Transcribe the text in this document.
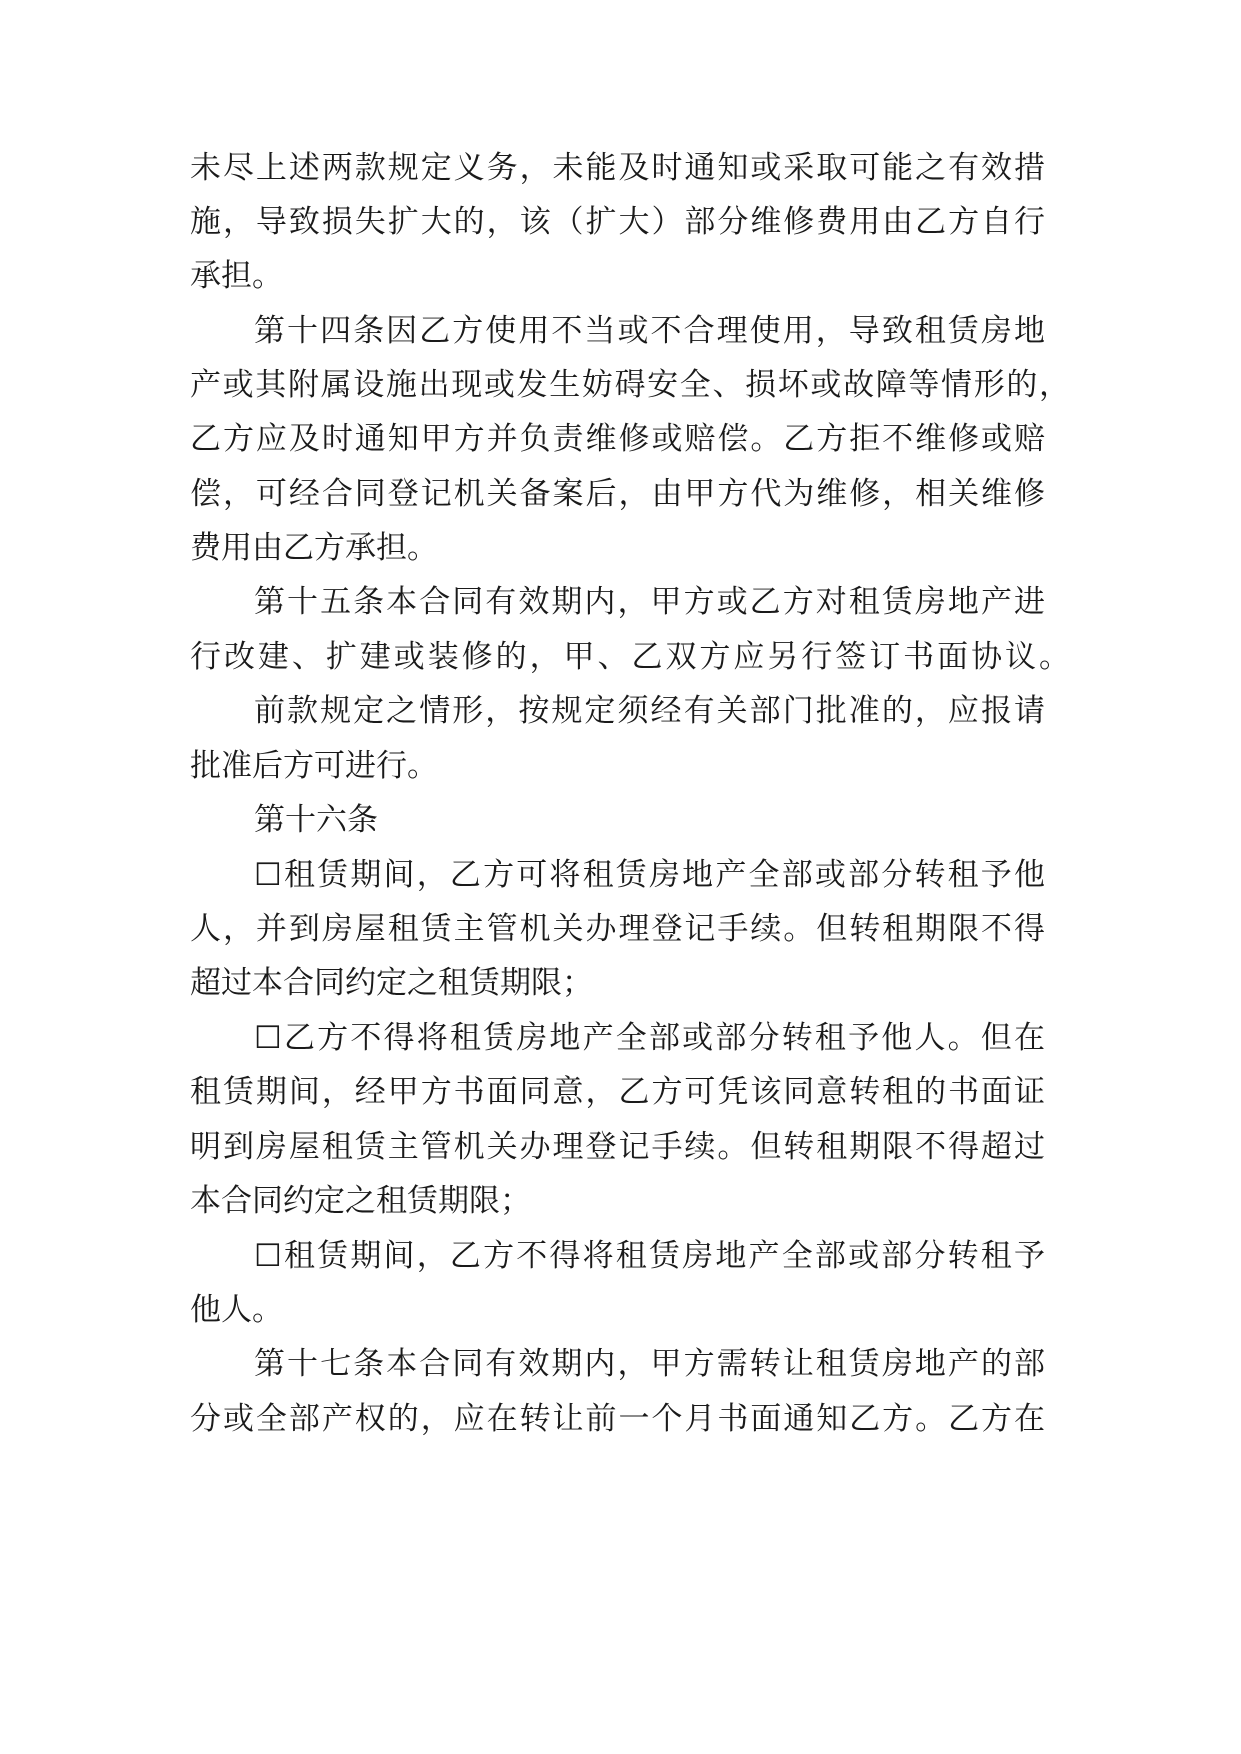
未尽上述两款规定义务，未能及时通知或采取可能之有效措
施，导致损失扩大的，该（扩大）部分维修费用由乙方自行
承担。
第十四条因乙方使用不当或不合理使用，导致租赁房地
产或其附属设施出现或发生妨碍安全、损坏或故障等情形的，
乙方应及时通知甲方并负责维修或赔偿。乙方拒不维修或赔
偿，可经合同登记机关备案后，由甲方代为维修，相关维修
费用由乙方承担。
第十五条本合同有效期内，甲方或乙方对租赁房地产进
行改建、扩建或装修的，甲、乙双方应另行签订书面协议。
前款规定之情形，按规定须经有关部门批准的，应报请
批准后方可进行。
第十六条
☐租赁期间，乙方可将租赁房地产全部或部分转租予他
人，并到房屋租赁主管机关办理登记手续。但转租期限不得
超过本合同约定之租赁期限；
☐乙方不得将租赁房地产全部或部分转租予他人。但在
租赁期间，经甲方书面同意，乙方可凭该同意转租的书面证
明到房屋租赁主管机关办理登记手续。但转租期限不得超过
本合同约定之租赁期限；
☐租赁期间，乙方不得将租赁房地产全部或部分转租予
他人。
第十七条本合同有效期内，甲方需转让租赁房地产的部
分或全部产权的，应在转让前一个月书面通知乙方。乙方在
